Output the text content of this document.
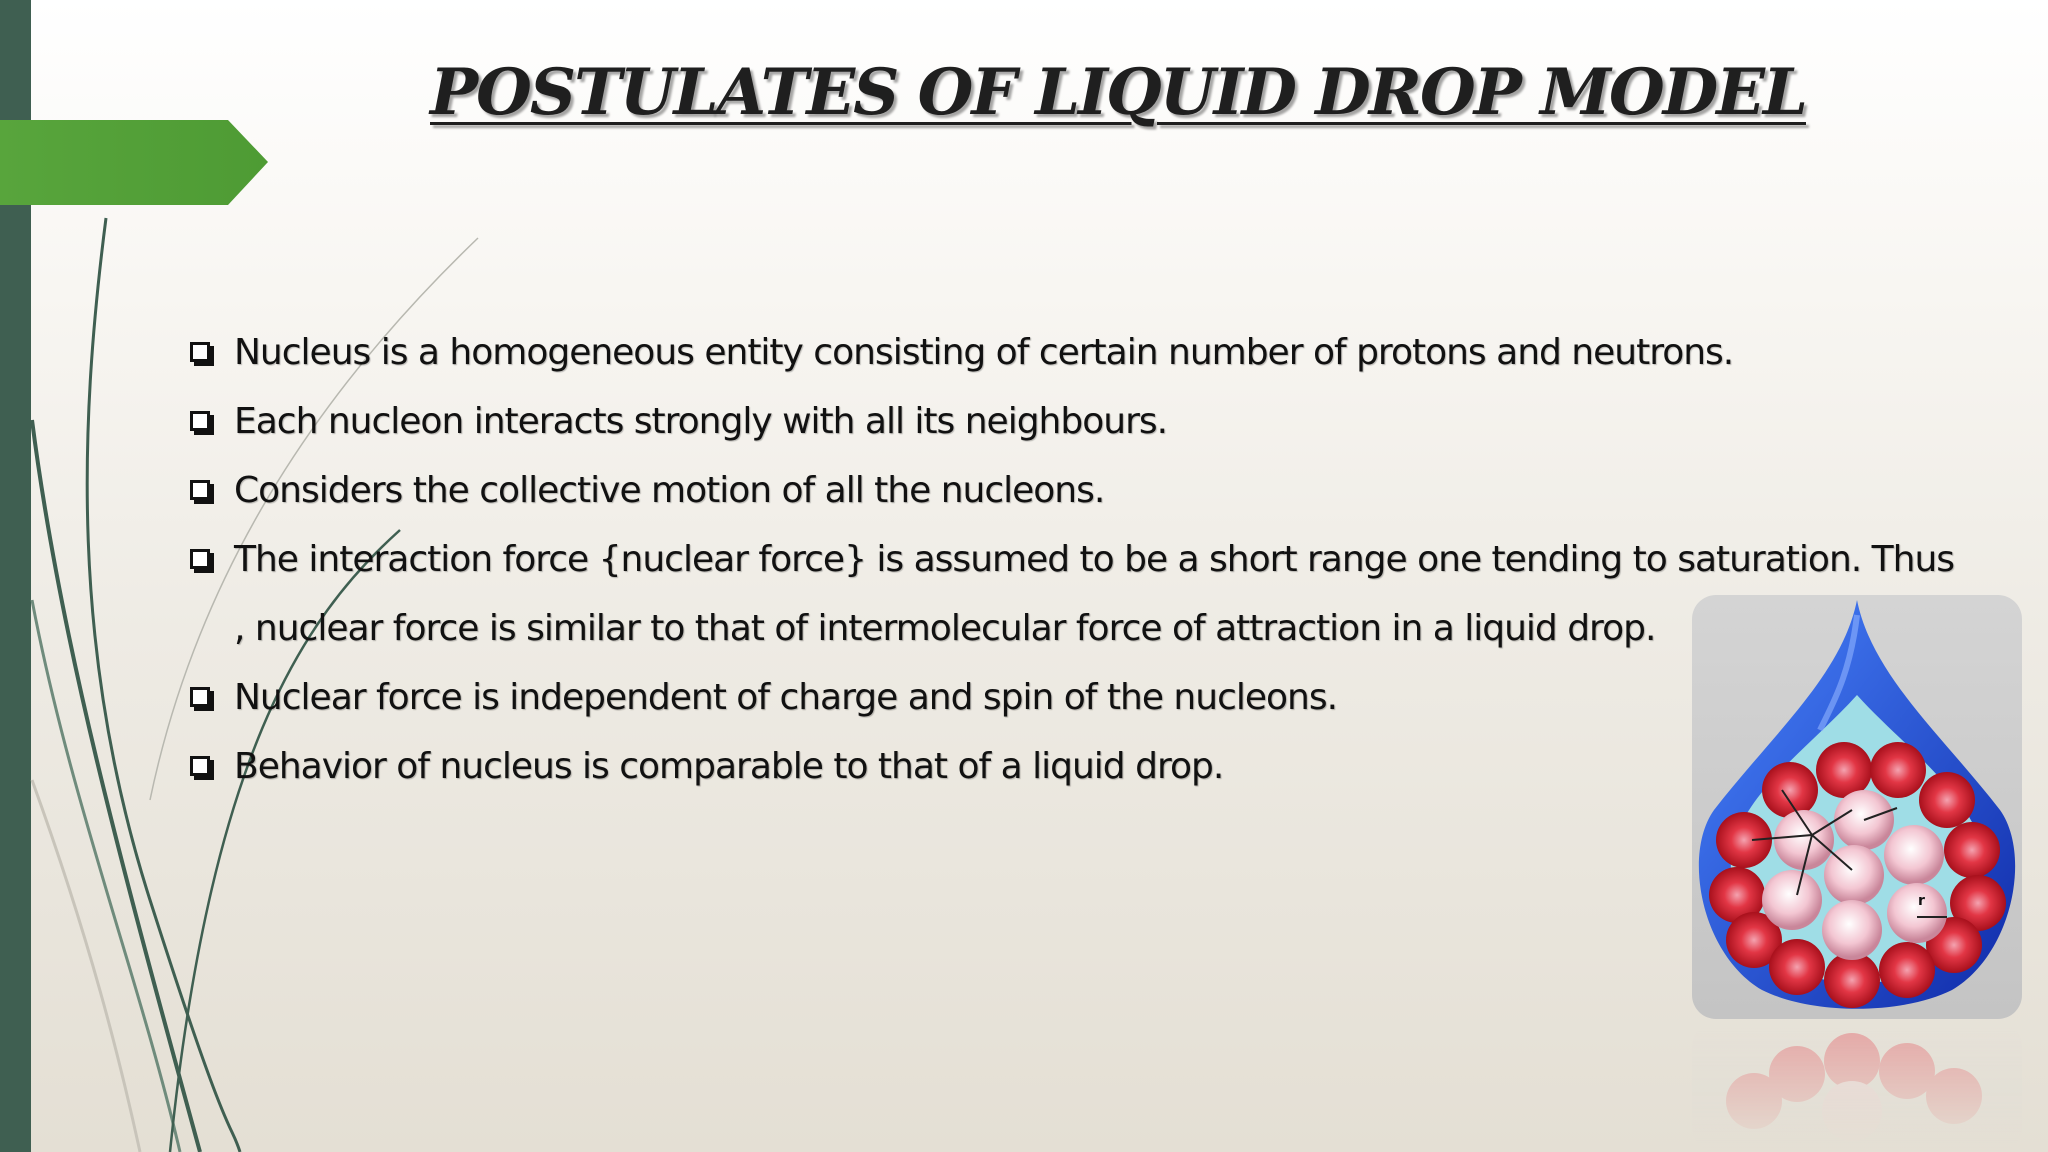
POSTULATES OF LIQUID DROP MODEL
Nucleus is a homogeneous entity consisting of certain number of protons and neutrons.
Each nucleon interacts strongly with all its neighbours.
Considers the collective motion of all the nucleons.
The interaction force {nuclear force} is assumed to be a short range one tending to saturation. Thus , nuclear force is similar to that of intermolecular force of attraction in a liquid drop.
Nuclear force is independent of charge and spin of the nucleons.
Behavior of nucleus is comparable to that of a liquid drop.
r
